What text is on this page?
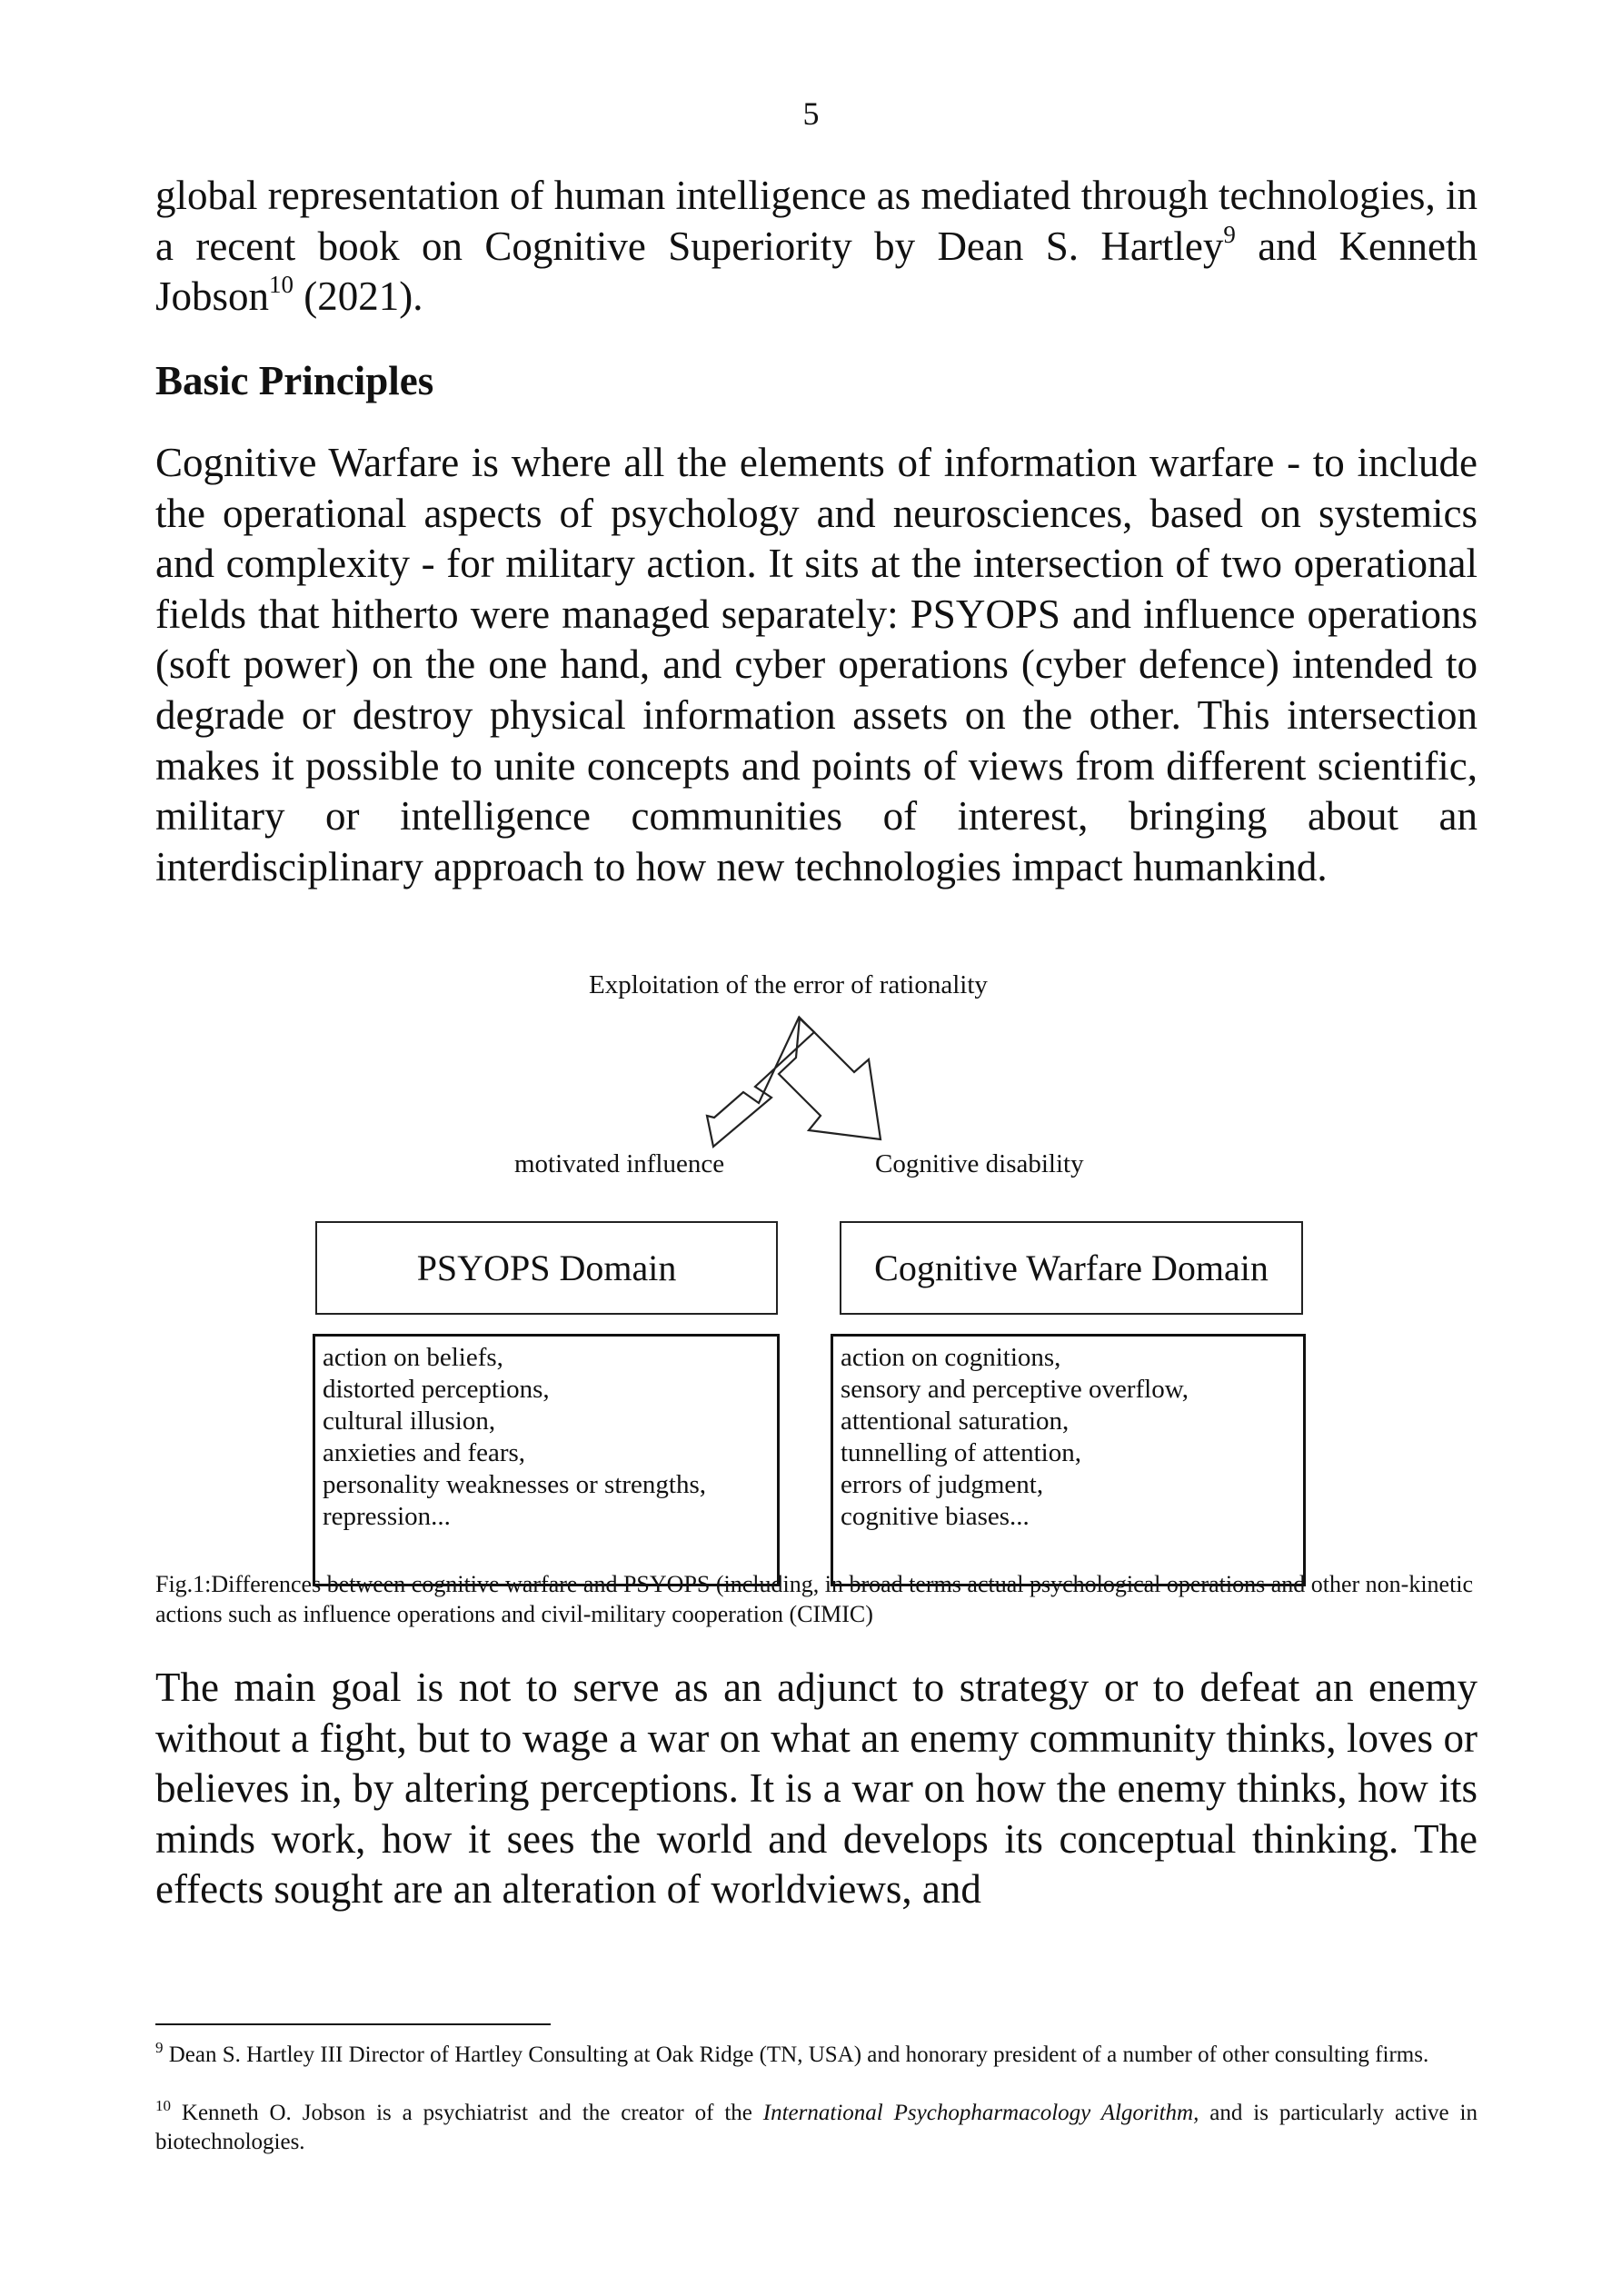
5

global representation of human intelligence as mediated through technologies, in a recent book on Cognitive Superiority by Dean S. Hartley$^9$ and Kenneth Jobson$^{10}$ (2021).

Basic Principles

Cognitive Warfare is where all the elements of information warfare - to include the operational aspects of psychology and neurosciences, based on systemics and complexity - for military action. It sits at the intersection of two operational fields that hitherto were managed separately: PSYOPS and influence operations (soft power) on the one hand, and cyber operations (cyber defence) intended to degrade or destroy physical information assets on the other. This intersection makes it possible to unite concepts and points of views from different scientific, military or intelligence communities of interest, bringing about an interdisciplinary approach to how new technologies impact humankind.

Exploitation of the error of rationality
motivated influence	Cognitive disability
PSYOPS Domain	Cognitive Warfare Domain
action on beliefs,
distorted perceptions,
cultural illusion,
anxieties and fears,
personality weaknesses or strengths,
repression...
action on cognitions,
sensory and perceptive overflow,
attentional saturation,
tunnelling of attention,
errors of judgment,
cognitive biases...

Fig.1:Differences between cognitive warfare and PSYOPS (including, in broad terms actual psychological operations and other non-kinetic actions such as influence operations and civil-military cooperation (CIMIC)

The main goal is not to serve as an adjunct to strategy or to defeat an enemy without a fight, but to wage a war on what an enemy community thinks, loves or believes in, by altering perceptions. It is a war on how the enemy thinks, how its minds work, how it sees the world and develops its conceptual thinking. The effects sought are an alteration of worldviews, and

$^9$ Dean S. Hartley III Director of Hartley Consulting at Oak Ridge (TN, USA) and honorary president of a number of other consulting firms.

$^{10}$ Kenneth O. Jobson is a psychiatrist and the creator of the International Psychopharmacology Algorithm, and is particularly active in biotechnologies.
